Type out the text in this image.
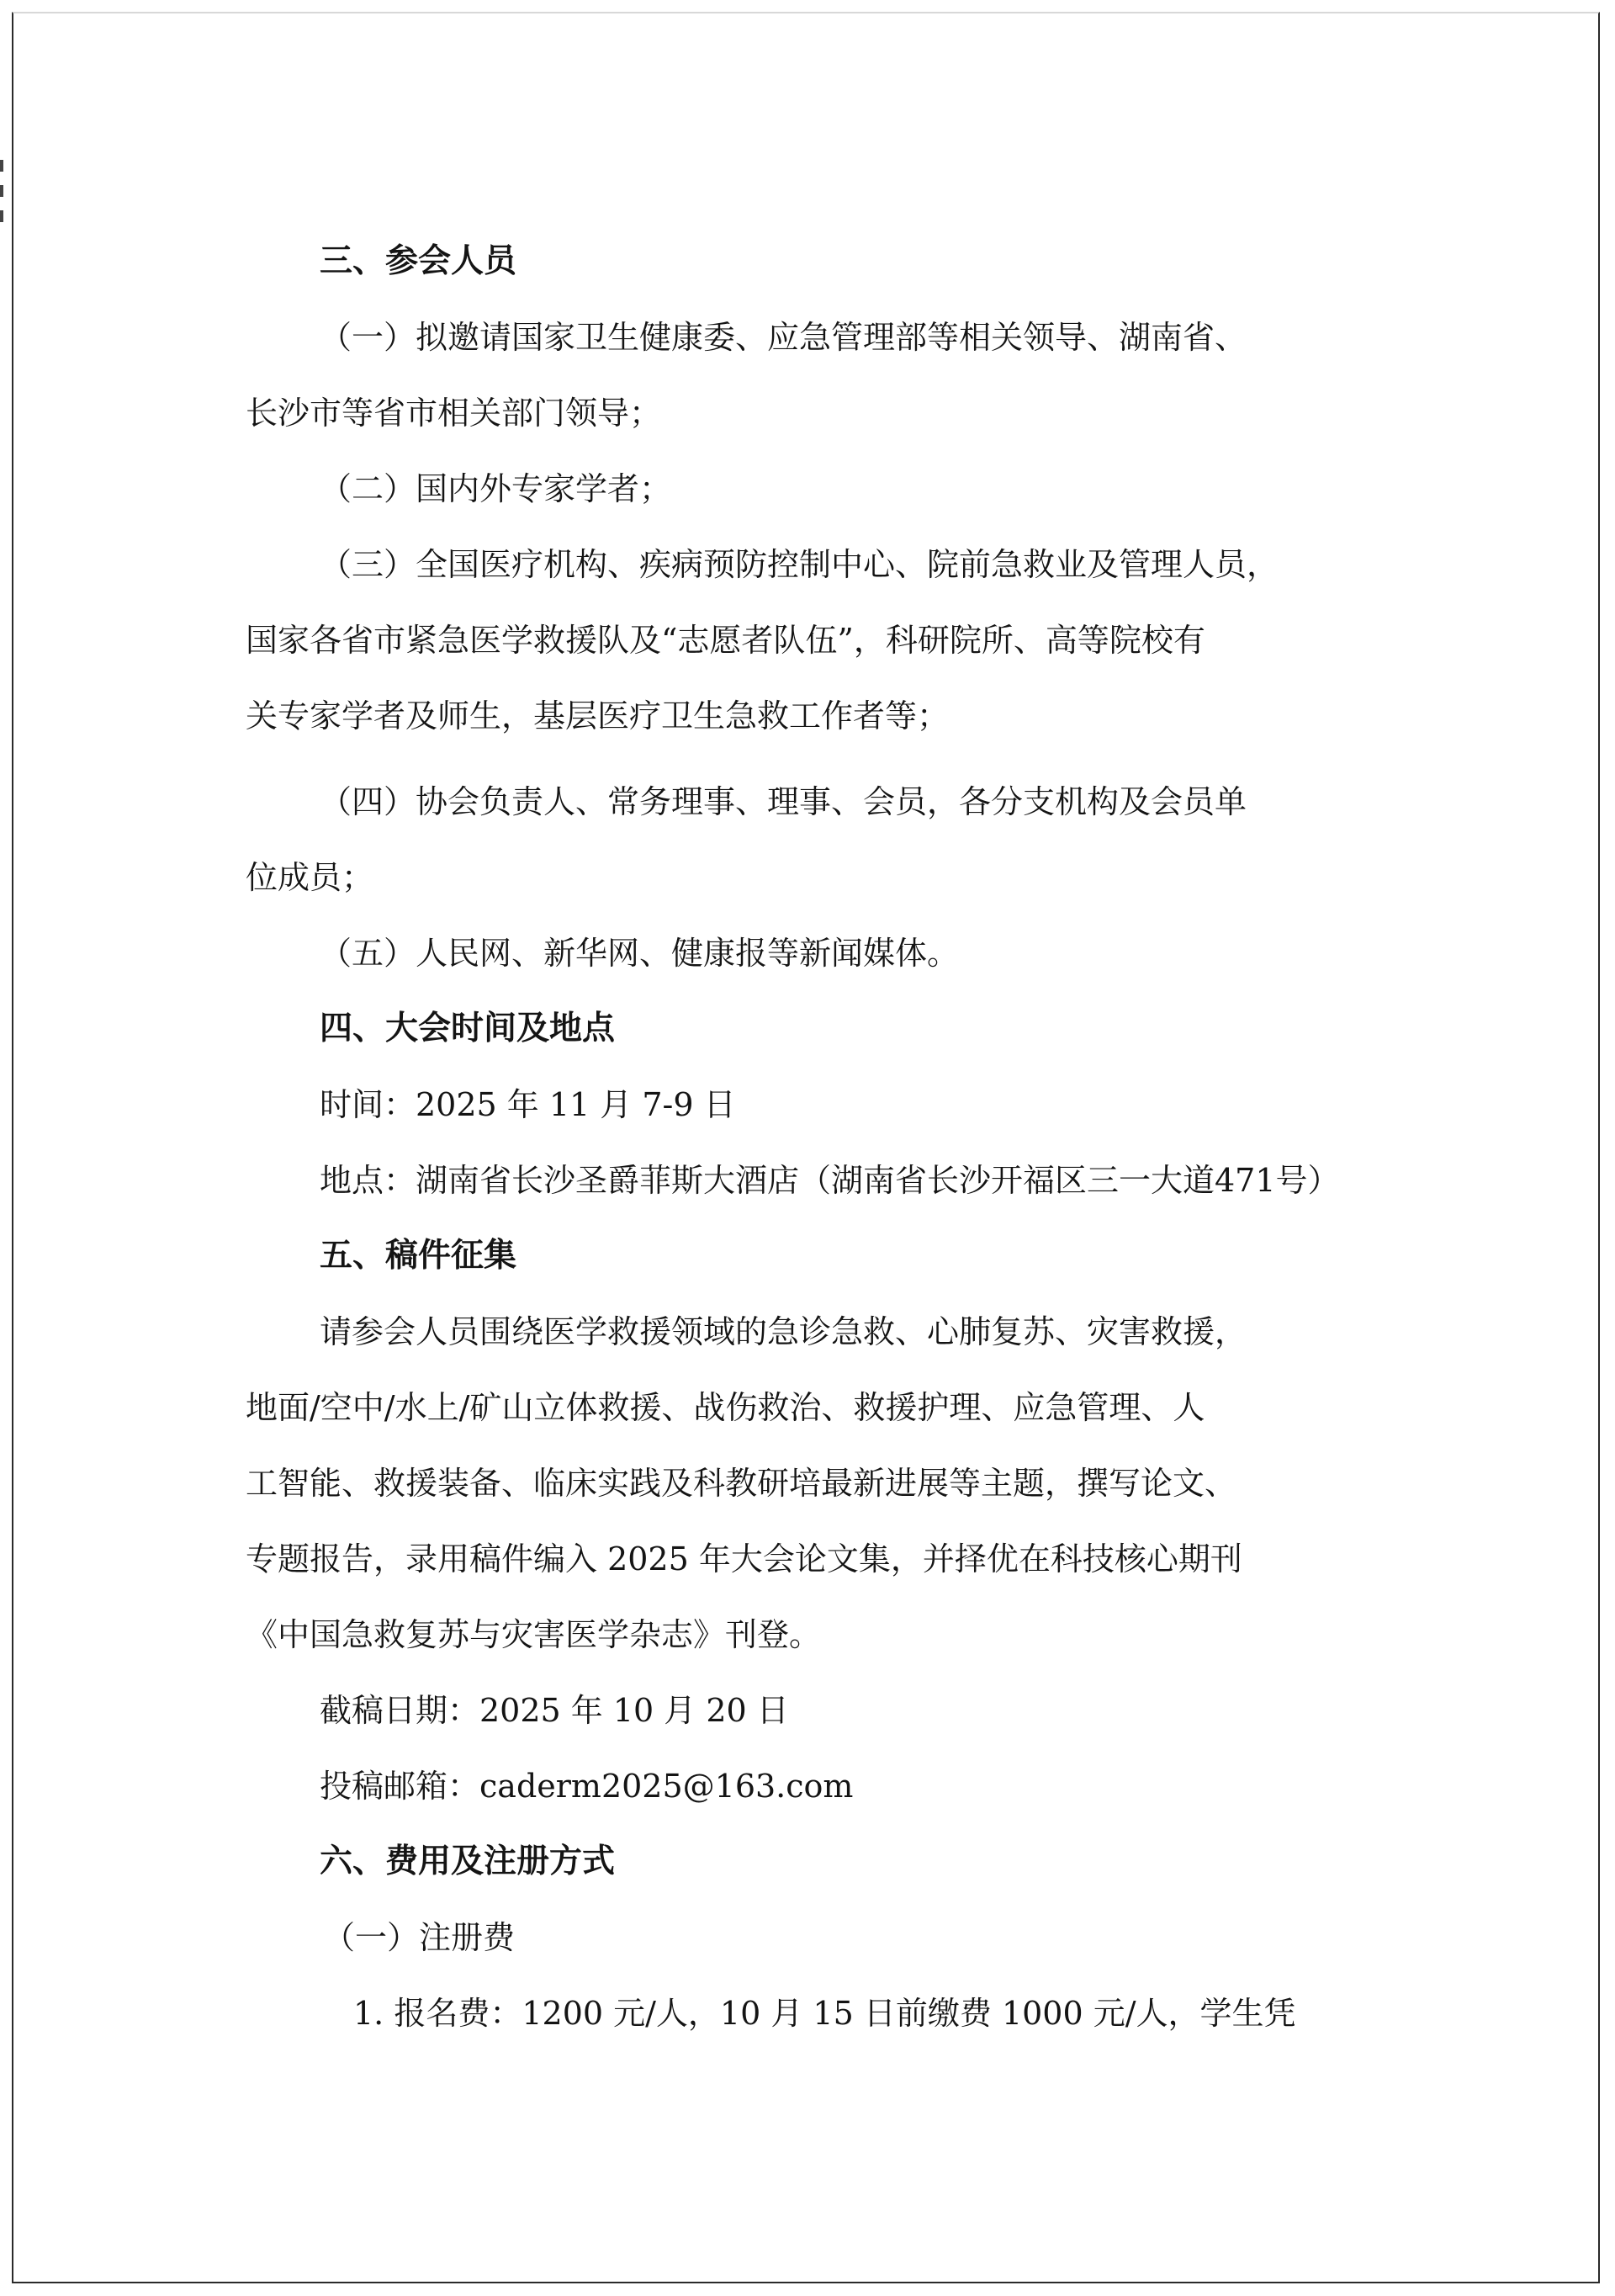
三、参会人员

（一）拟邀请国家卫生健康委、应急管理部等相关领导、湖南省、

长沙市等省市相关部门领导；

（二）国内外专家学者；

（三）全国医疗机构、疾病预防控制中心、院前急救业及管理人员，

国家各省市紧急医学救援队及“志愿者队伍”，科研院所、高等院校有

关专家学者及师生，基层医疗卫生急救工作者等；

（四）协会负责人、常务理事、理事、会员，各分支机构及会员单

位成员；

（五）人民网、新华网、健康报等新闻媒体。

四、大会时间及地点

时间：2025 年 11 月 7-9 日

地点：湖南省长沙圣爵菲斯大酒店（湖南省长沙开福区三一大道471号）

五、稿件征集

请参会人员围绕医学救援领域的急诊急救、心肺复苏、灾害救援，

地面/空中/水上/矿山立体救援、战伤救治、救援护理、应急管理、人

工智能、救援装备、临床实践及科教研培最新进展等主题，撰写论文、

专题报告，录用稿件编入 2025 年大会论文集，并择优在科技核心期刊

《中国急救复苏与灾害医学杂志》刊登。

截稿日期：2025 年 10 月 20 日

投稿邮箱：caderm2025@163.com

六、费用及注册方式

（一）注册费

1. 报名费：1200 元/人，10 月 15 日前缴费 1000 元/人，学生凭
